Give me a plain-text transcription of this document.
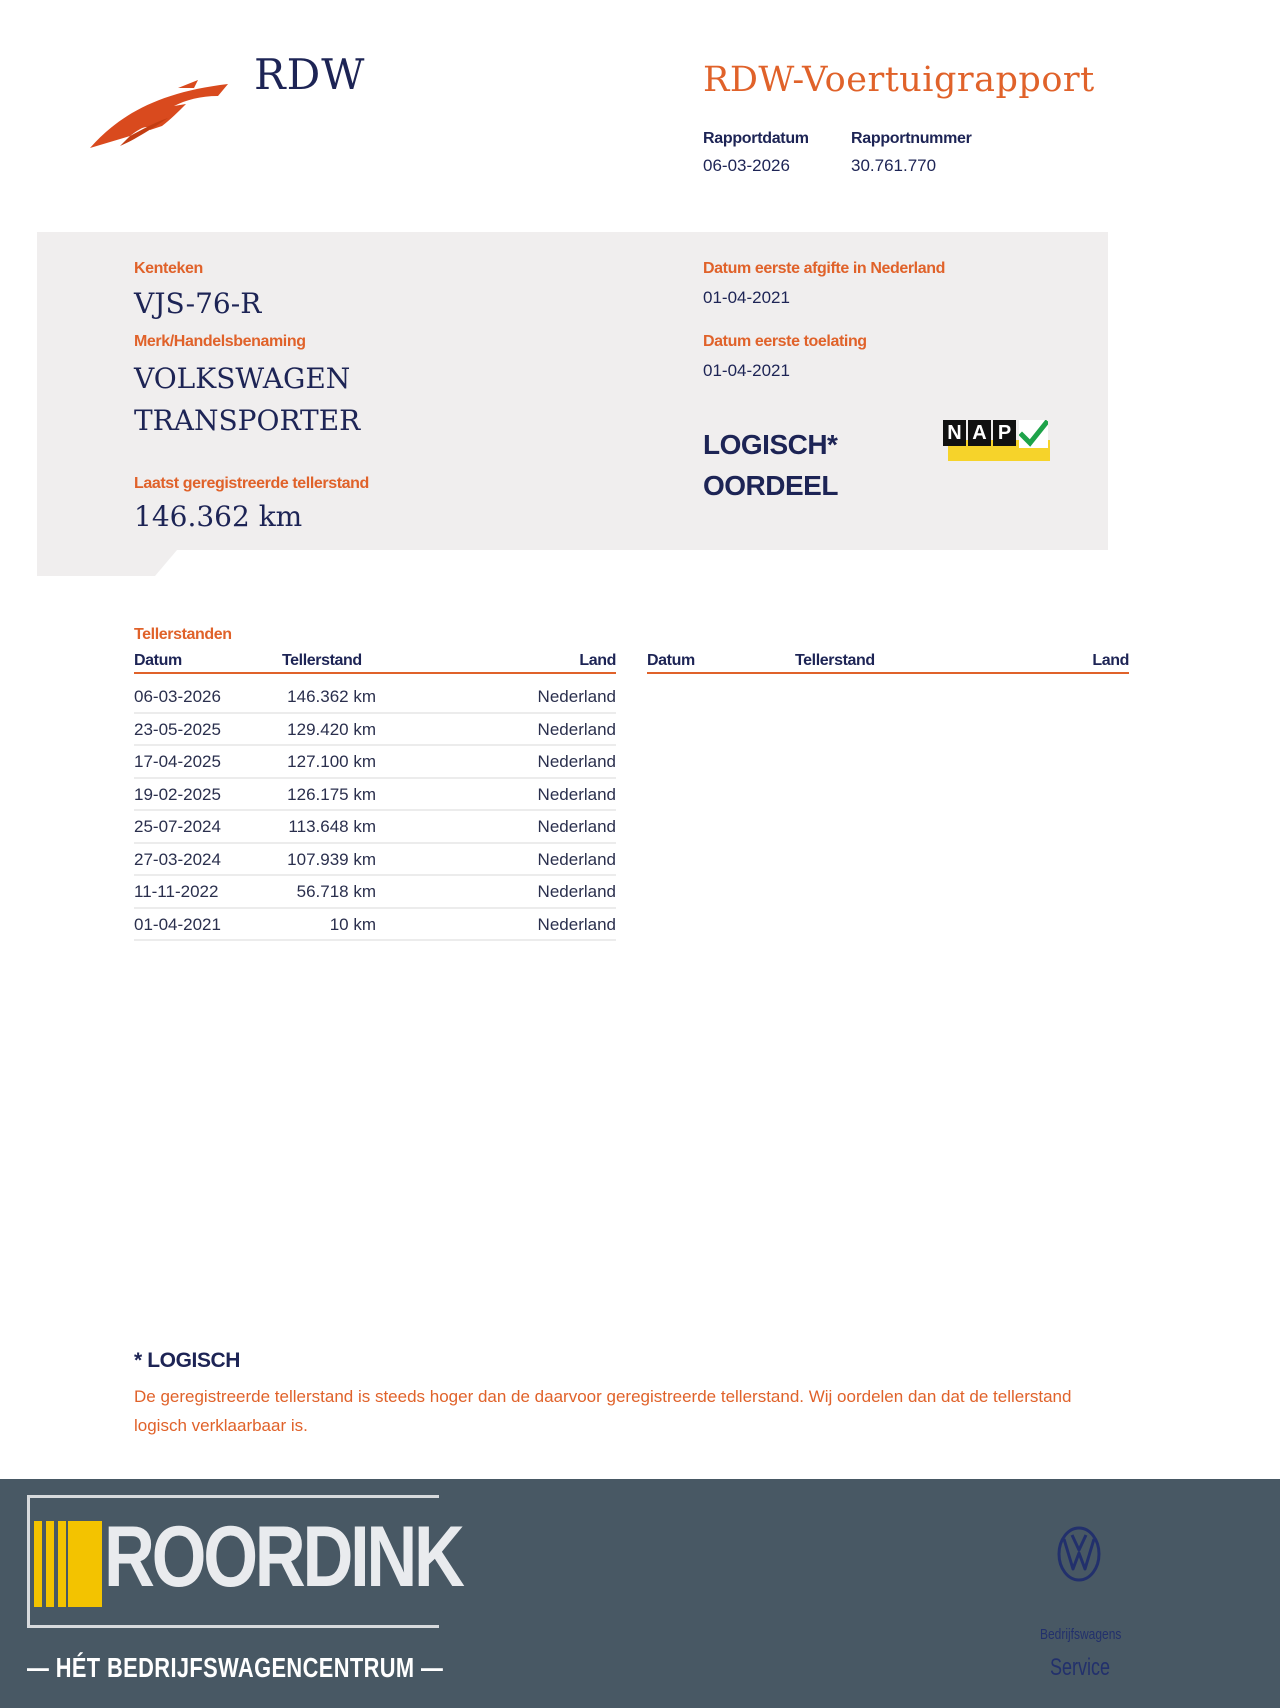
RDW	RDW-Voertuigrapport
Rapportdatum
06-03-2026
Rapportnummer
30.761.770
Kenteken
VJS-76-R
Merk/Handelsbenaming
VOLKSWAGEN
TRANSPORTER
Laatst geregistreerde tellerstand
146.362 km
Datum eerste afgifte in Nederland
01-04-2021
Datum eerste toelating
01-04-2021
LOGISCH*
OORDEEL
N A P
Tellerstanden
Datum	Tellerstand	Land Datum	Tellerstand	Land
06-03-2026	146.362 km	Nederland
23-05-2025	129.420 km	Nederland
17-04-2025	127.100 km	Nederland
19-02-2025	126.175 km	Nederland
25-07-2024	113.648 km	Nederland
27-03-2024	107.939 km	Nederland
11-11-2022	56.718 km	Nederland
01-04-2021	10 km	Nederland
* LOGISCH
De geregistreerde tellerstand is steeds hoger dan de daarvoor geregistreerde tellerstand. Wij oordelen dan dat de tellerstand logisch verklaarbaar is.
ROORDINK
— HÉT BEDRIJFSWAGENCENTRUM —
Bedrijfswagens
Service
